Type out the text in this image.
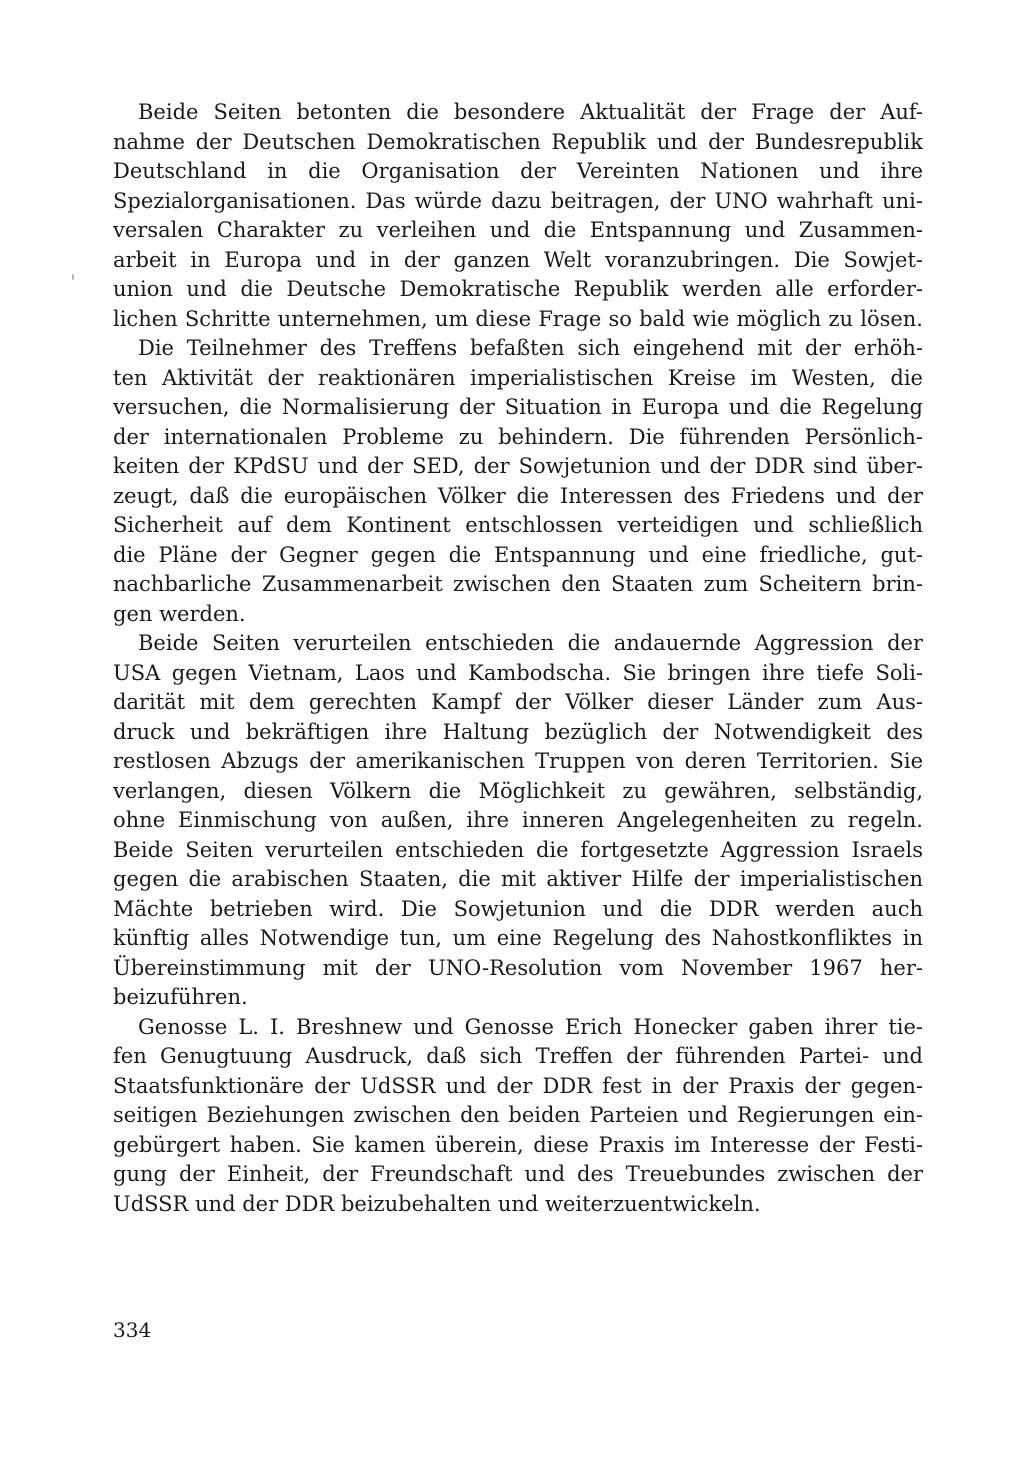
Beide Seiten betonten die besondere Aktualität der Frage der Auf-
nahme der Deutschen Demokratischen Republik und der Bundesrepublik
Deutschland in die Organisation der Vereinten Nationen und ihre
Spezialorganisationen. Das würde dazu beitragen, der UNO wahrhaft uni-
versalen Charakter zu verleihen und die Entspannung und Zusammen-
arbeit in Europa und in der ganzen Welt voranzubringen. Die Sowjet-
union und die Deutsche Demokratische Republik werden alle erforder-
lichen Schritte unternehmen, um diese Frage so bald wie möglich zu lösen.
Die Teilnehmer des Treffens befaßten sich eingehend mit der erhöh-
ten Aktivität der reaktionären imperialistischen Kreise im Westen, die
versuchen, die Normalisierung der Situation in Europa und die Regelung
der internationalen Probleme zu behindern. Die führenden Persönlich-
keiten der KPdSU und der SED, der Sowjetunion und der DDR sind über-
zeugt, daß die europäischen Völker die Interessen des Friedens und der
Sicherheit auf dem Kontinent entschlossen verteidigen und schließlich
die Pläne der Gegner gegen die Entspannung und eine friedliche, gut-
nachbarliche Zusammenarbeit zwischen den Staaten zum Scheitern brin-
gen werden.
Beide Seiten verurteilen entschieden die andauernde Aggression der
USA gegen Vietnam, Laos und Kambodscha. Sie bringen ihre tiefe Soli-
darität mit dem gerechten Kampf der Völker dieser Länder zum Aus-
druck und bekräftigen ihre Haltung bezüglich der Notwendigkeit des
restlosen Abzugs der amerikanischen Truppen von deren Territorien. Sie
verlangen, diesen Völkern die Möglichkeit zu gewähren, selbständig,
ohne Einmischung von außen, ihre inneren Angelegenheiten zu regeln.
Beide Seiten verurteilen entschieden die fortgesetzte Aggression Israels
gegen die arabischen Staaten, die mit aktiver Hilfe der imperialistischen
Mächte betrieben wird. Die Sowjetunion und die DDR werden auch
künftig alles Notwendige tun, um eine Regelung des Nahostkonfliktes in
Übereinstimmung mit der UNO-Resolution vom November 1967 her-
beizuführen.
Genosse L. I. Breshnew und Genosse Erich Honecker gaben ihrer tie-
fen Genugtuung Ausdruck, daß sich Treffen der führenden Partei- und
Staatsfunktionäre der UdSSR und der DDR fest in der Praxis der gegen-
seitigen Beziehungen zwischen den beiden Parteien und Regierungen ein-
gebürgert haben. Sie kamen überein, diese Praxis im Interesse der Festi-
gung der Einheit, der Freundschaft und des Treuebundes zwischen der
UdSSR und der DDR beizubehalten und weiterzuentwickeln.
334
